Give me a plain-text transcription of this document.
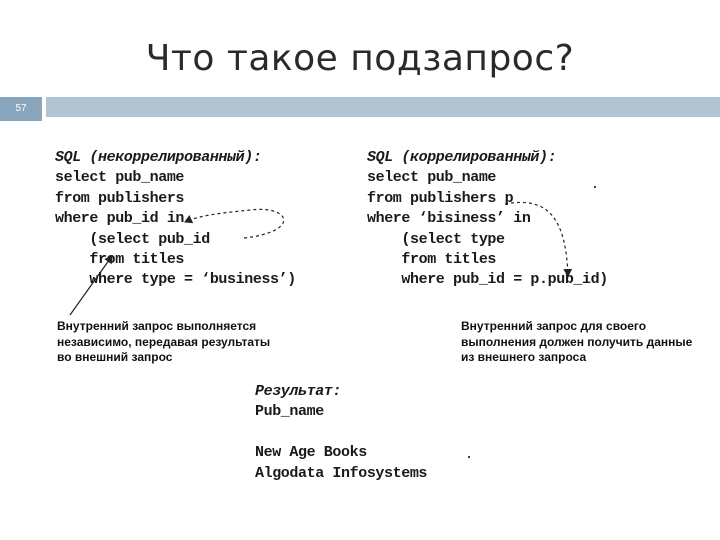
Что такое подзапрос?
57
SQL (некоррелированный):
select pub_name
from publishers
where pub_id in
(select pub_id
from titles
where type = ‘business’)
Внутренний запрос выполняется
независимо, передавая результаты
во внешний запрос
SQL (коррелированный):
select pub_name
from publishers p
where ‘bisiness’ in
(select type
from titles
where pub_id = p.pub_id)
Внутренний запрос для своего
выполнения должен получить данные
из внешнего запроса
Результат:
Pub_name

New Age Books
Algodata Infosystems
